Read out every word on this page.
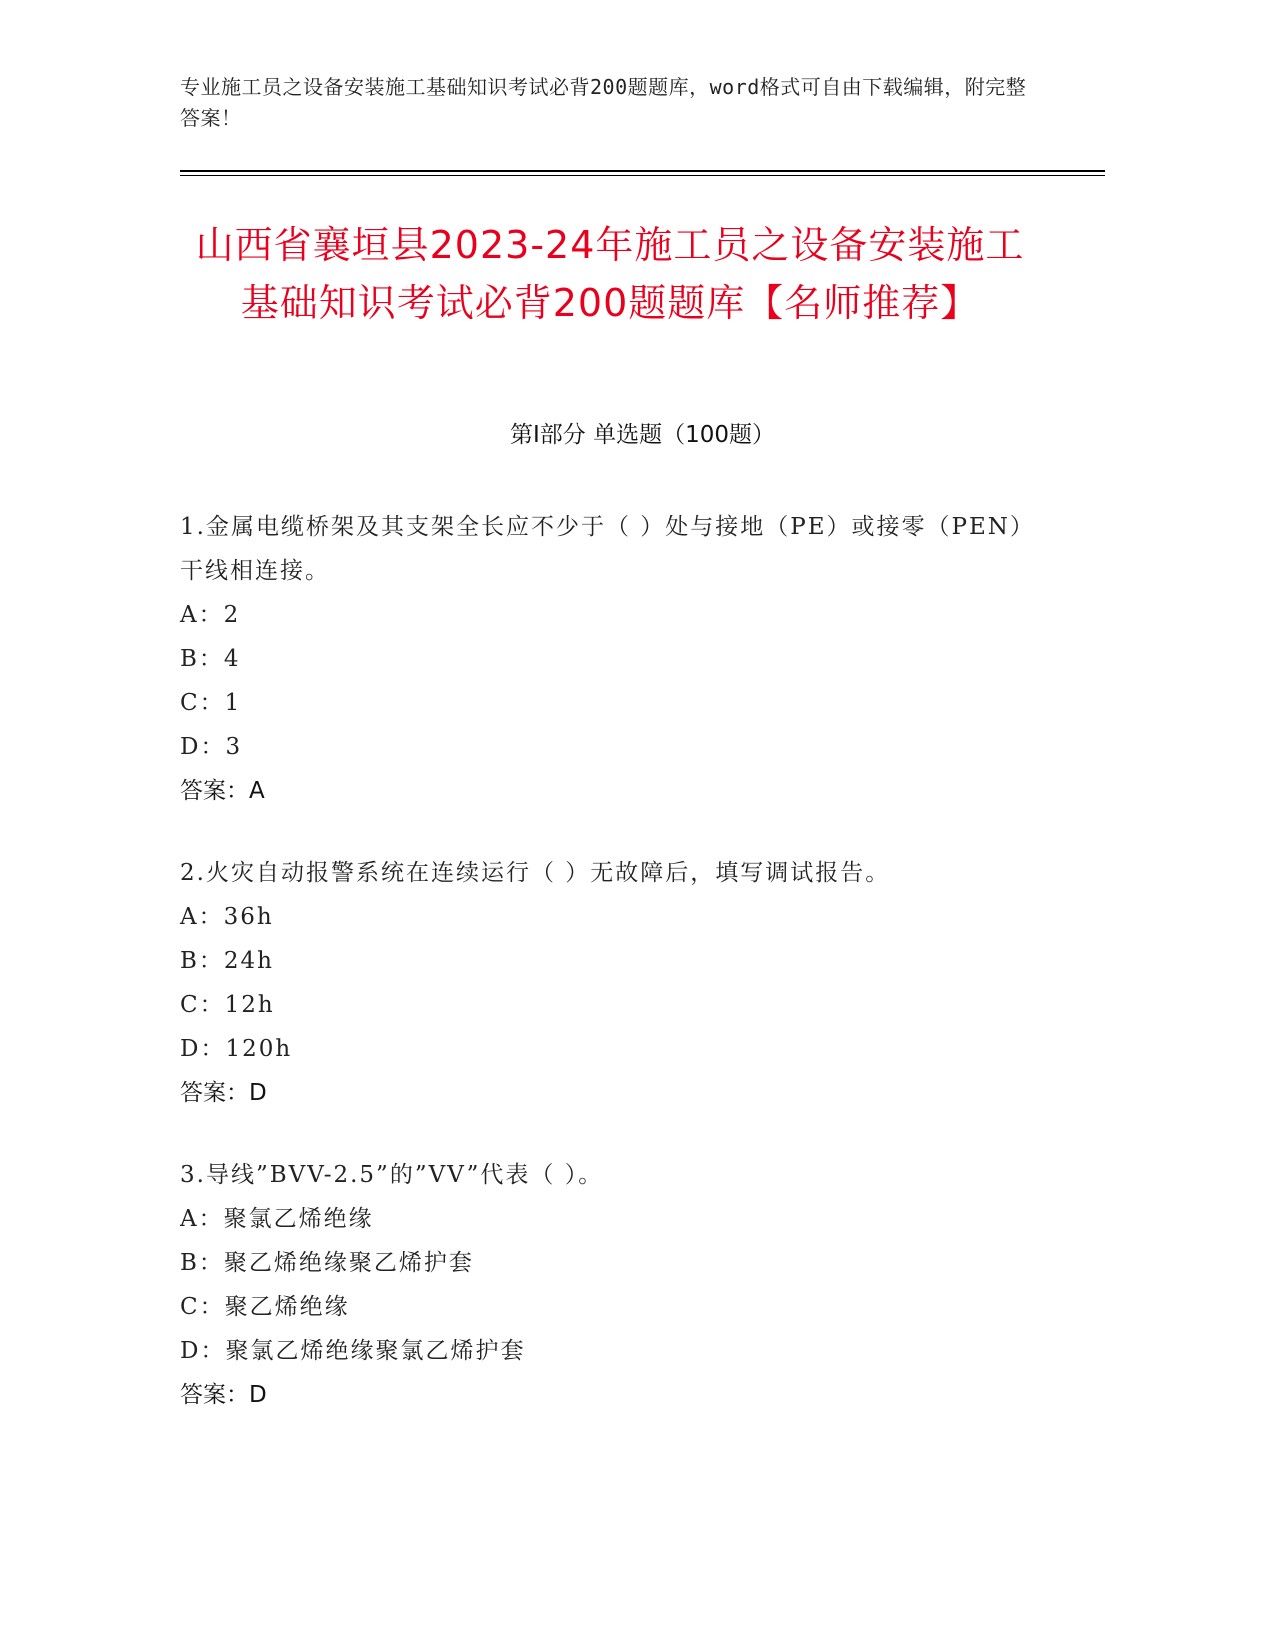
专业施工员之设备安装施工基础知识考试必背200题题库，word格式可自由下载编辑，附完整答案！
山西省襄垣县2023-24年施工员之设备安装施工基础知识考试必背200题题库【名师推荐】
第Ⅰ部分 单选题（100题）
1.金属电缆桥架及其支架全长应不少于（ ）处与接地（PE）或接零（PEN）干线相连接。
A：2
B：4
C：1
D：3
答案：A
2.火灾自动报警系统在连续运行（ ）无故障后，填写调试报告。
A：36h
B：24h
C：12h
D：120h
答案：D
3.导线”BVV-2.5”的”VV”代表（ ）。
A：聚氯乙烯绝缘
B：聚乙烯绝缘聚乙烯护套
C：聚乙烯绝缘
D：聚氯乙烯绝缘聚氯乙烯护套
答案：D
